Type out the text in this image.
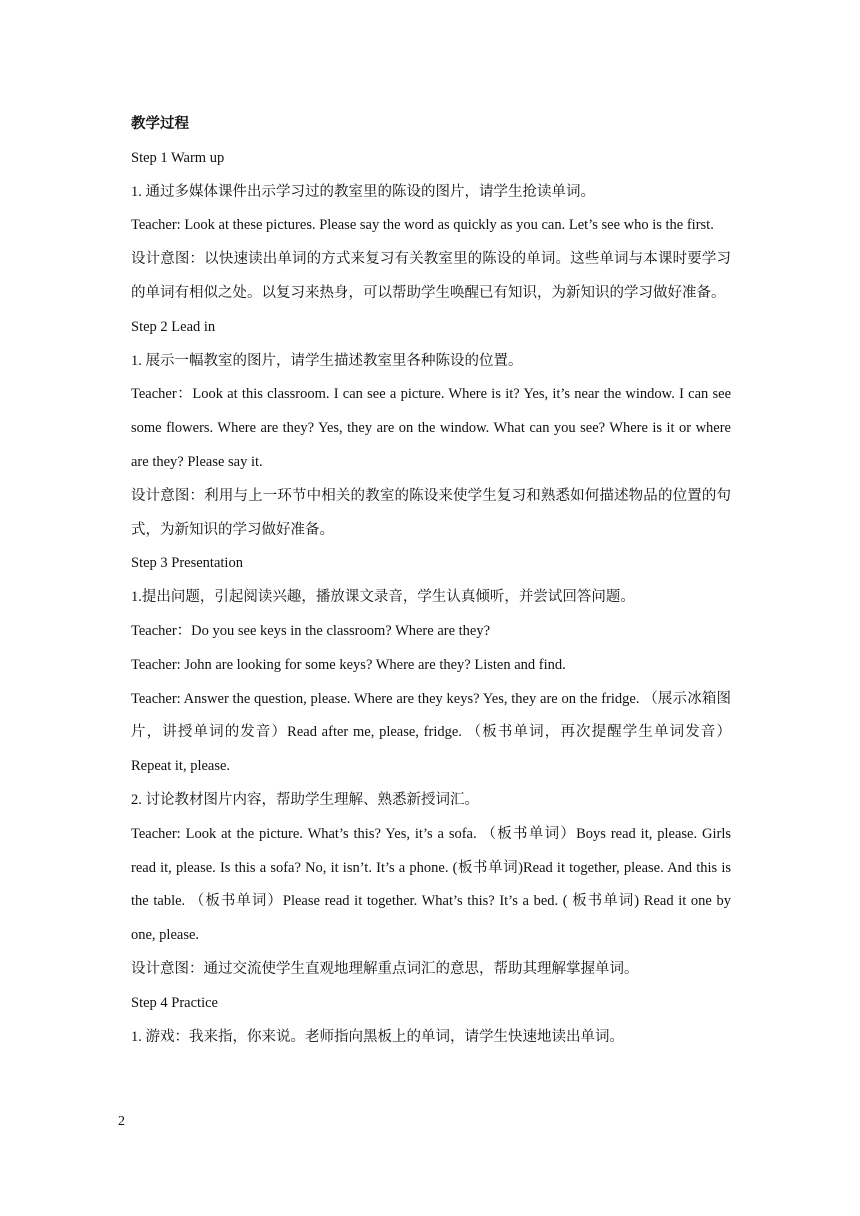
教学过程

Step 1 Warm up

1. 通过多媒体课件出示学习过的教室里的陈设的图片，请学生抢读单词。

Teacher: Look at these pictures. Please say the word as quickly as you can. Let’s see who is the first.

设计意图：以快速读出单词的方式来复习有关教室里的陈设的单词。这些单词与本课时要学习的单词有相似之处。以复习来热身，可以帮助学生唤醒已有知识，为新知识的学习做好准备。

Step 2 Lead in

1. 展示一幅教室的图片，请学生描述教室里各种陈设的位置。

Teacher：Look at this classroom. I can see a picture. Where is it? Yes, it’s near the window. I can see some flowers. Where are they? Yes, they are on the window. What can you see? Where is it or where are they? Please say it.

设计意图：利用与上一环节中相关的教室的陈设来使学生复习和熟悉如何描述物品的位置的句式，为新知识的学习做好准备。

Step 3 Presentation

1.提出问题，引起阅读兴趣，播放课文录音，学生认真倾听，并尝试回答问题。

Teacher：Do you see keys in the classroom? Where are they?

Teacher: John are looking for some keys? Where are they? Listen and find.

Teacher: Answer the question, please. Where are they keys? Yes, they are on the fridge. （展示冰箱图片，讲授单词的发音）Read after me, please, fridge. （板书单词，再次提醒学生单词发音）Repeat it, please.

2. 讨论教材图片内容，帮助学生理解、熟悉新授词汇。

Teacher: Look at the picture. What’s this? Yes, it’s a sofa. （板书单词）Boys read it, please. Girls read it, please. Is this a sofa? No, it isn’t. It’s a phone. (板书单词)Read it together, please. And this is the table. （板书单词）Please read it together. What’s this? It’s a bed. ( 板书单词) Read it one by one, please.

设计意图：通过交流使学生直观地理解重点词汇的意思，帮助其理解掌握单词。

Step 4 Practice

1. 游戏：我来指，你来说。老师指向黑板上的单词，请学生快速地读出单词。

2
